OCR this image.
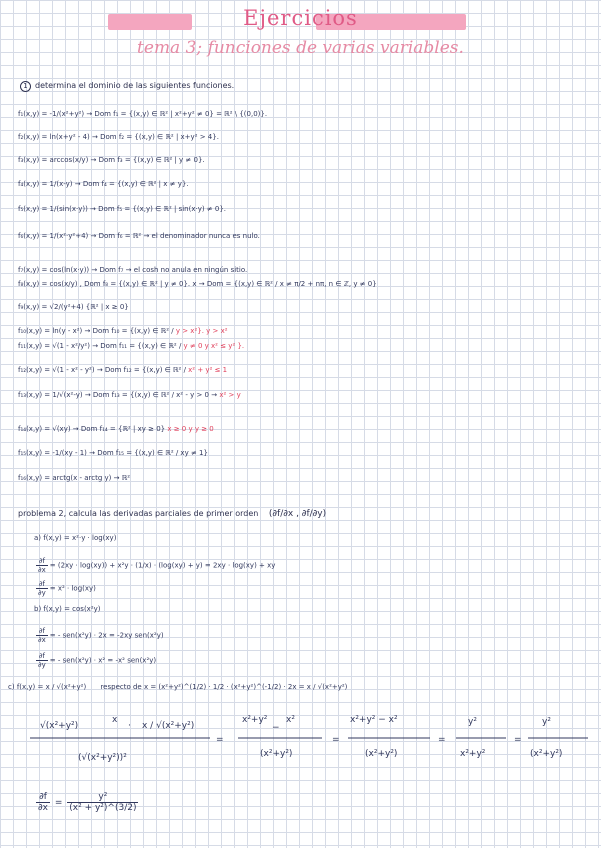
Ejercicios
tema 3; funciones de varias variables.
1 determina el dominio de las siguientes funciones.
f₁(x,y) = -1/(x²+y²) → Dom f₁ = {(x,y) ∈ ℝ² | x²+y² ≠ 0} = ℝ² \ {(0,0)}.
f₂(x,y) = ln(x+y² - 4) → Dom f₂ = {(x,y) ∈ ℝ² | x+y² > 4}.
f₃(x,y) = arccos(x/y) → Dom f₃ = {(x,y) ∈ ℝ² | y ≠ 0}.
f₄(x,y) = 1/(x-y) → Dom f₄ = {(x,y) ∈ ℝ² | x ≠ y}.
f₅(x,y) = 1/(sin(x·y)) → Dom f₅ = {(x,y) ∈ ℝ² | sin(x·y) ≠ 0}.
f₆(x,y) = 1/(x²·y²+4) → Dom f₆ = ℝ² → el denominador nunca es nulo.
f₇(x,y) = cos(ln(x·y)) → Dom f₇ → el cosh no anula en ningún sitio.
f₈(x,y) = cos(x/y) , Dom f₈ = {(x,y) ∈ ℝ² | y ≠ 0}. x → Dom = {(x,y) ∈ ℝ² / x ≠ π/2 + nπ, n ∈ ℤ, y ≠ 0}
f₉(x,y) = √2/(y²+4) {ℝ² | x ≥ 0}
f₁₀(x,y) = ln(y - x²) → Dom f₁₀ = {(x,y) ∈ ℝ² / y > x²}. y > x²
f₁₁(x,y) = √(1 - x²/y²) → Dom f₁₁ = {(x,y) ∈ ℝ² / y ≠ 0 y x² ≤ y² }.
f₁₂(x,y) = √(1 - x² - y²) → Dom f₁₂ = {(x,y) ∈ ℝ² / x² + y² ≤ 1
f₁₃(x,y) = 1/√(x²-y) → Dom f₁₃ = {(x,y) ∈ ℝ² / x² - y > 0 → x² > y
f₁₄(x,y) = √(xy) → Dom f₁₄ = {ℝ² | xy ≥ 0} x ≥ 0 y y ≥ 0
f₁₅(x,y) = -1/(xy - 1) → Dom f₁₅ = {(x,y) ∈ ℝ² / xy ≠ 1}
f₁₆(x,y) = arctg(x - arctg y) → ℝ²
problema 2, calcula las derivadas parciales de primer orden (∂f/∂x , ∂f/∂y)
a) f(x,y) = x²·y · log(xy)
$\frac{\partial f}{\partial x} = (2xy \cdot \log(xy)) + x^2y \cdot (1/x) \cdot (\log(xy) + y) = 2xy \cdot \log(xy)$ + xy
$\frac{\partial f}{\partial y} = x^2 \cdot \log(xy)$
b) f(x,y) = cos(x²y)
$\frac{\partial f}{\partial x}$ = - sen(x²y) · 2x = -2xy sen(x²y)
$\frac{\partial f}{\partial y}$ = - sen(x²y) · x² = -x² sen(x²y)
c) f(x,y) = x / √(x²+y²) respecto de x = (x²+y²)^(1/2) · 1/2 · (x²+y²)^(-1/2) · 2x = x / √(x²+y²)
√(x²+y²)
x
· x / √(x²+y²)
(√(x²+y²))²
=
x²+y²
−
x²
(x²+y²)
=
x²+y² − x²
(x²+y²)
=
y²
x²+y²
=
y²
(x²+y²)
$\frac{\partial f}{\partial x} = \frac{\text{y²}}{\text{(x² + y²)\textasciicircum{}(3/2)}}$
